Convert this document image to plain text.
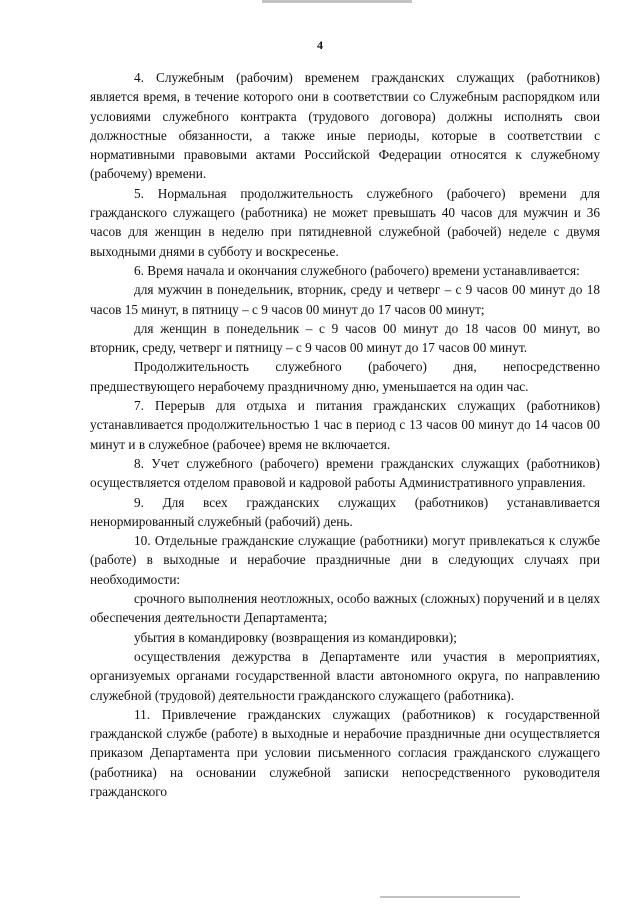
4

4. Служебным (рабочим) временем гражданских служащих (работников) является время, в течение которого они в соответствии со Служебным распорядком или условиями служебного контракта (трудового договора) должны исполнять свои должностные обязанности, а также иные периоды, которые в соответствии с нормативными правовыми актами Российской Федерации относятся к служебному (рабочему) времени.

5. Нормальная продолжительность служебного (рабочего) времени для гражданского служащего (работника) не может превышать 40 часов для мужчин и 36 часов для женщин в неделю при пятидневной служебной (рабочей) неделе с двумя выходными днями в субботу и воскресенье.

6. Время начала и окончания служебного (рабочего) времени устанавливается:

для мужчин в понедельник, вторник, среду и четверг – с 9 часов 00 минут до 18 часов 15 минут, в пятницу – с 9 часов 00 минут до 17 часов 00 минут;

для женщин в понедельник – с 9 часов 00 минут до 18 часов 00 минут, во вторник, среду, четверг и пятницу – с 9 часов 00 минут до 17 часов 00 минут.

Продолжительность служебного (рабочего) дня, непосредственно предшествующего нерабочему праздничному дню, уменьшается на один час.

7. Перерыв для отдыха и питания гражданских служащих (работников) устанавливается продолжительностью 1 час в период с 13 часов 00 минут до 14 часов 00 минут и в служебное (рабочее) время не включается.

8. Учет служебного (рабочего) времени гражданских служащих (работников) осуществляется отделом правовой и кадровой работы Административного управления.

9. Для всех гражданских служащих (работников) устанавливается ненормированный служебный (рабочий) день.

10. Отдельные гражданские служащие (работники) могут привлекаться к службе (работе) в выходные и нерабочие праздничные дни в следующих случаях при необходимости:

срочного выполнения неотложных, особо важных (сложных) поручений и в целях обеспечения деятельности Департамента;

убытия в командировку (возвращения из командировки);

осуществления дежурства в Департаменте или участия в мероприятиях, организуемых органами государственной власти автономного округа, по направлению служебной (трудовой) деятельности гражданского служащего (работника).

11. Привлечение гражданских служащих (работников) к государственной гражданской службе (работе) в выходные и нерабочие праздничные дни осуществляется приказом Департамента при условии письменного согласия гражданского служащего (работника) на основании служебной записки непосредственного руководителя гражданского
